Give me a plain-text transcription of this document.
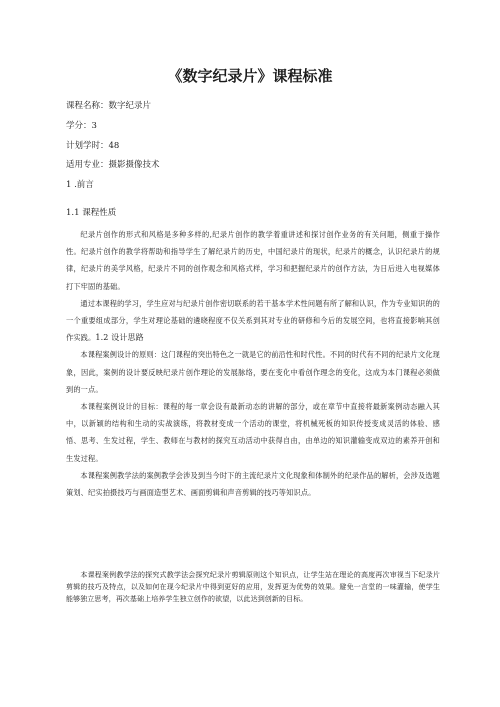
《数字纪录片》课程标准
课程名称：数字纪录片
学分：3
计划学时：48
适用专业：摄影摄像技术
1 .前言
1.1 课程性质

纪录片创作的形式和风格是多种多样的,纪录片创作的教学着重讲述和探讨创作业务的有关问题，侧重于操作性。纪录片创作的教学将帮助和指导学生了解纪录片的历史，中国纪录片的现状，纪录片的概念，认识纪录片的规律，纪录片的美学风格，纪录片不同的创作观念和风格式样，学习和把握纪录片的创作方法，为日后进入电视媒体打下牢固的基础。

通过本课程的学习，学生应对与纪录片创作密切联系的若干基本学术性问题有所了解和认识，作为专业知识的的一个重要组成部分，学生对理论基础的遴晓程度不仅关系到其对专业的研修和今后的发展空间，也将直接影响其创作实践。1.2 设计思路

本课程案例设计的原则：这门课程的突出特色之一就是它的前沿性和时代性。不同的时代有不同的纪录片文化现象，因此，案例的设计要反映纪录片创作理论的发展脉络，要在变化中看创作理念的变化，这成为本门课程必须做到的一点。

本课程案例设计的目标：课程的每一章会设有最新动态的讲解的部分，或在章节中直接将最新案例动态融入其中，以新颖的结构和生动的实战演练，将教材变成一个活动的课堂，将机械死板的知识传授变成灵活的体验、感悟、思考、生发过程，学生、教师在与教材的探究互动活动中获得自由，由单边的知识灌输变成双边的素养开创和生发过程。

本课程案例教学法的案例教学会涉及到当今时下的主流纪录片文化现象和体制外的纪录作品的解析，会涉及选题策划、纪实拍摄技巧与画面造型艺术、画面剪辑和声音剪辑的技巧等知识点。

本课程案例教学法的探究式教学法会探究纪录片剪辑原则这个知识点，让学生站在理论的高度再次审视当下纪录片剪辑的技巧及特点，以及如何在现今纪录片中得到更好的应用，发挥更为优势的效果。避免一言堂的一味灌输，使学生能够独立思考，再次基础上培养学生独立创作的欲望，以此达到创新的目标。
